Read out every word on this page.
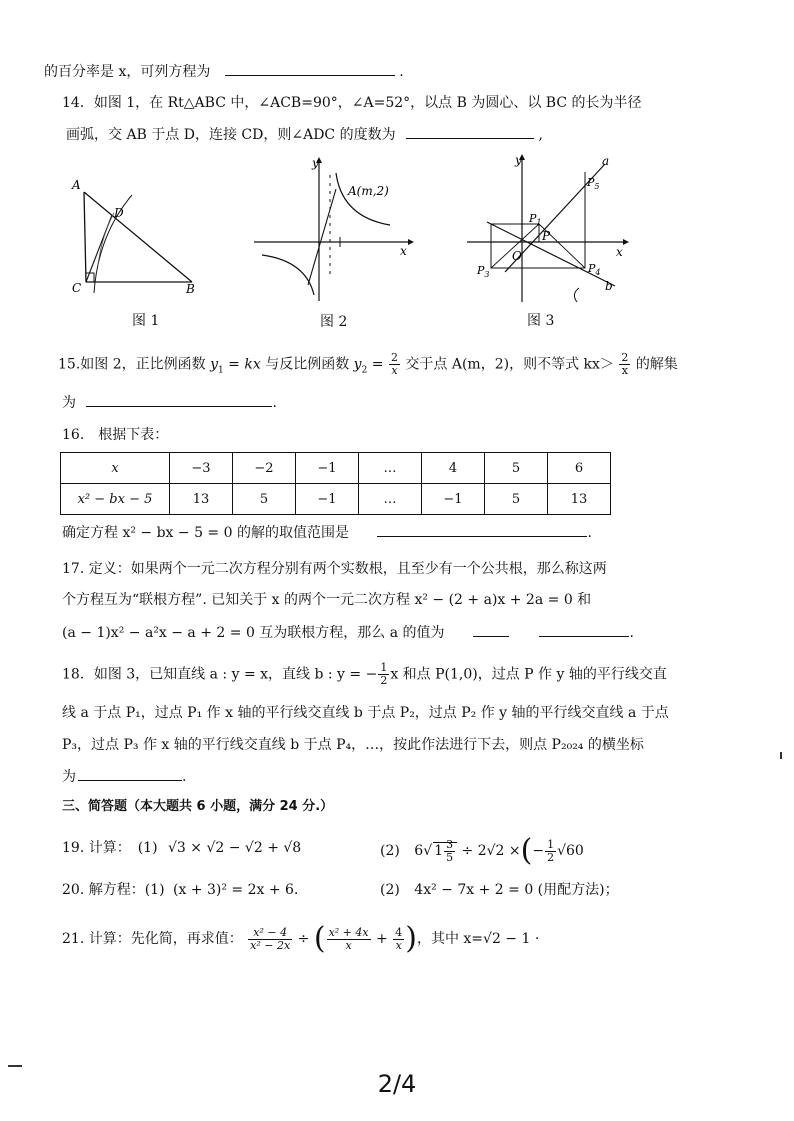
的百分率是 x，可列方程为	.
14．如图 1，在 Rt△ABC 中，∠ACB=90°，∠A=52°，以点 B 为圆心、以 BC 的长为半径
画弧，交 AB 于点 D，连接 CD，则∠ADC 的度数为	,
A
D
C	B
图 1
y
x
A(m,2)
图 2
y
x
a
b
O
P
$P_1$
$P_5$
$P_3$	$P_4$
图 3
15.如图 2，正比例函数 $y_1$ = kx 与反比例函数 $y_2 = \frac{2}{x}$ 交于点 A(m，2)，则不等式 $kx> \frac{2}{x}$ 的解集
为	.
16.　根据下表：
x	−3	−2	−1	…	4	5	6
x² − bx − 5	13	5	−1	…	−1	5	13
确定方程 x² − bx − 5 = 0 的解的取值范围是	.
17. 定义：如果两个一元二次方程分别有两个实数根，且至少有一个公共根，那么称这两
个方程互为“联根方程”. 已知关于 x 的两个一元二次方程 x² − (2 + a)x + 2a = 0 和
(a − 1)x² − a²x − a + 2 = 0 互为联根方程，那么 a 的值为	.
18．如图 3，已知直线 a : y = x，直线 b : y = − $\frac{1}{2}$ x 和点 P(1,0)，过点 P 作 y 轴的平行线交直
线 a 于点 P₁，过点 P₁ 作 x 轴的平行线交直线 b 于点 P₂，过点 P₂ 作 y 轴的平行线交直线 a 于点
P₃，过点 P₃ 作 x 轴的平行线交直线 b 于点 P₄，…，按此作法进行下去，则点 P₂₀₂₄ 的横坐标
为	.
三、简答题（本大题共 6 小题，满分 24 分.）
19. 计算：　(1) √3 × √2 − √2 + √8	(2) 6√ $1 \frac{3}{5} \div 2√2$ ×(− $\frac{1}{2} √60$
20. 解方程：(1) (x + 3)² = 2x + 6．	(2) 4x² − 7x + 2 = 0 (用配方法)；
21. 计算：先化简，再求值： $\frac{\text{x² − 4}}{\text{x² − 2x}}$ ÷ ( $\frac{\text{x² + 4x}}{x} + \frac{4}{x}$ )，其中 x=√2 − 1 ·
2/4
